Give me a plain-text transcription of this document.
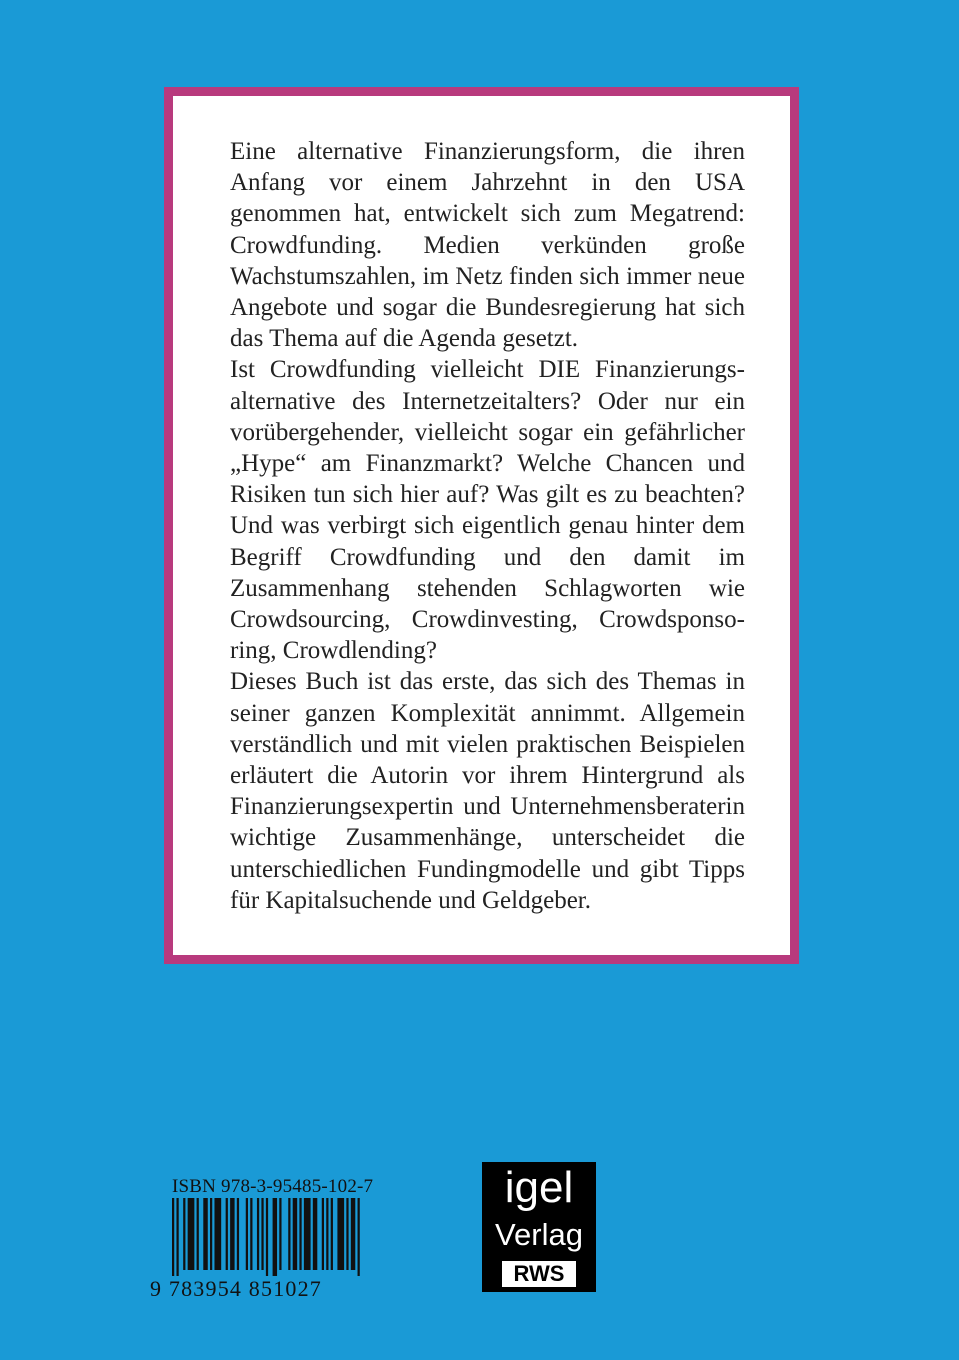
Eine alternative Finanzierungsform, die ihren Anfang vor einem Jahrzehnt in den USA genommen hat, entwickelt sich zum Megatrend: Crowdfunding. Medien verkünden große Wachstumszahlen, im Netz finden sich immer neue Angebote und sogar die Bundesregierung hat sich das Thema auf die Agenda gesetzt.

Ist Crowdfunding vielleicht DIE Finanzierungsalternative des Internetzeitalters? Oder nur ein vorübergehender, vielleicht sogar ein gefährlicher „Hype“ am Finanzmarkt? Welche Chancen und Risiken tun sich hier auf? Was gilt es zu beachten? Und was verbirgt sich eigentlich genau hinter dem Begriff Crowdfunding und den damit im Zusammenhang stehenden Schlagworten wie Crowdsourcing, Crowdinvesting, Crowdsponsoring, Crowdlending?

Dieses Buch ist das erste, das sich des Themas in seiner ganzen Komplexität annimmt. Allgemein verständlich und mit vielen praktischen Beispielen erläutert die Autorin vor ihrem Hintergrund als Finanzierungsexpertin und Unternehmensberaterin wichtige Zusammenhänge, unterscheidet die unterschiedlichen Fundingmodelle und gibt Tipps für Kapitalsuchende und Geldgeber.

ISBN 978-3-95485-102-7
9 783954 851027
igel
Verlag
RWS
